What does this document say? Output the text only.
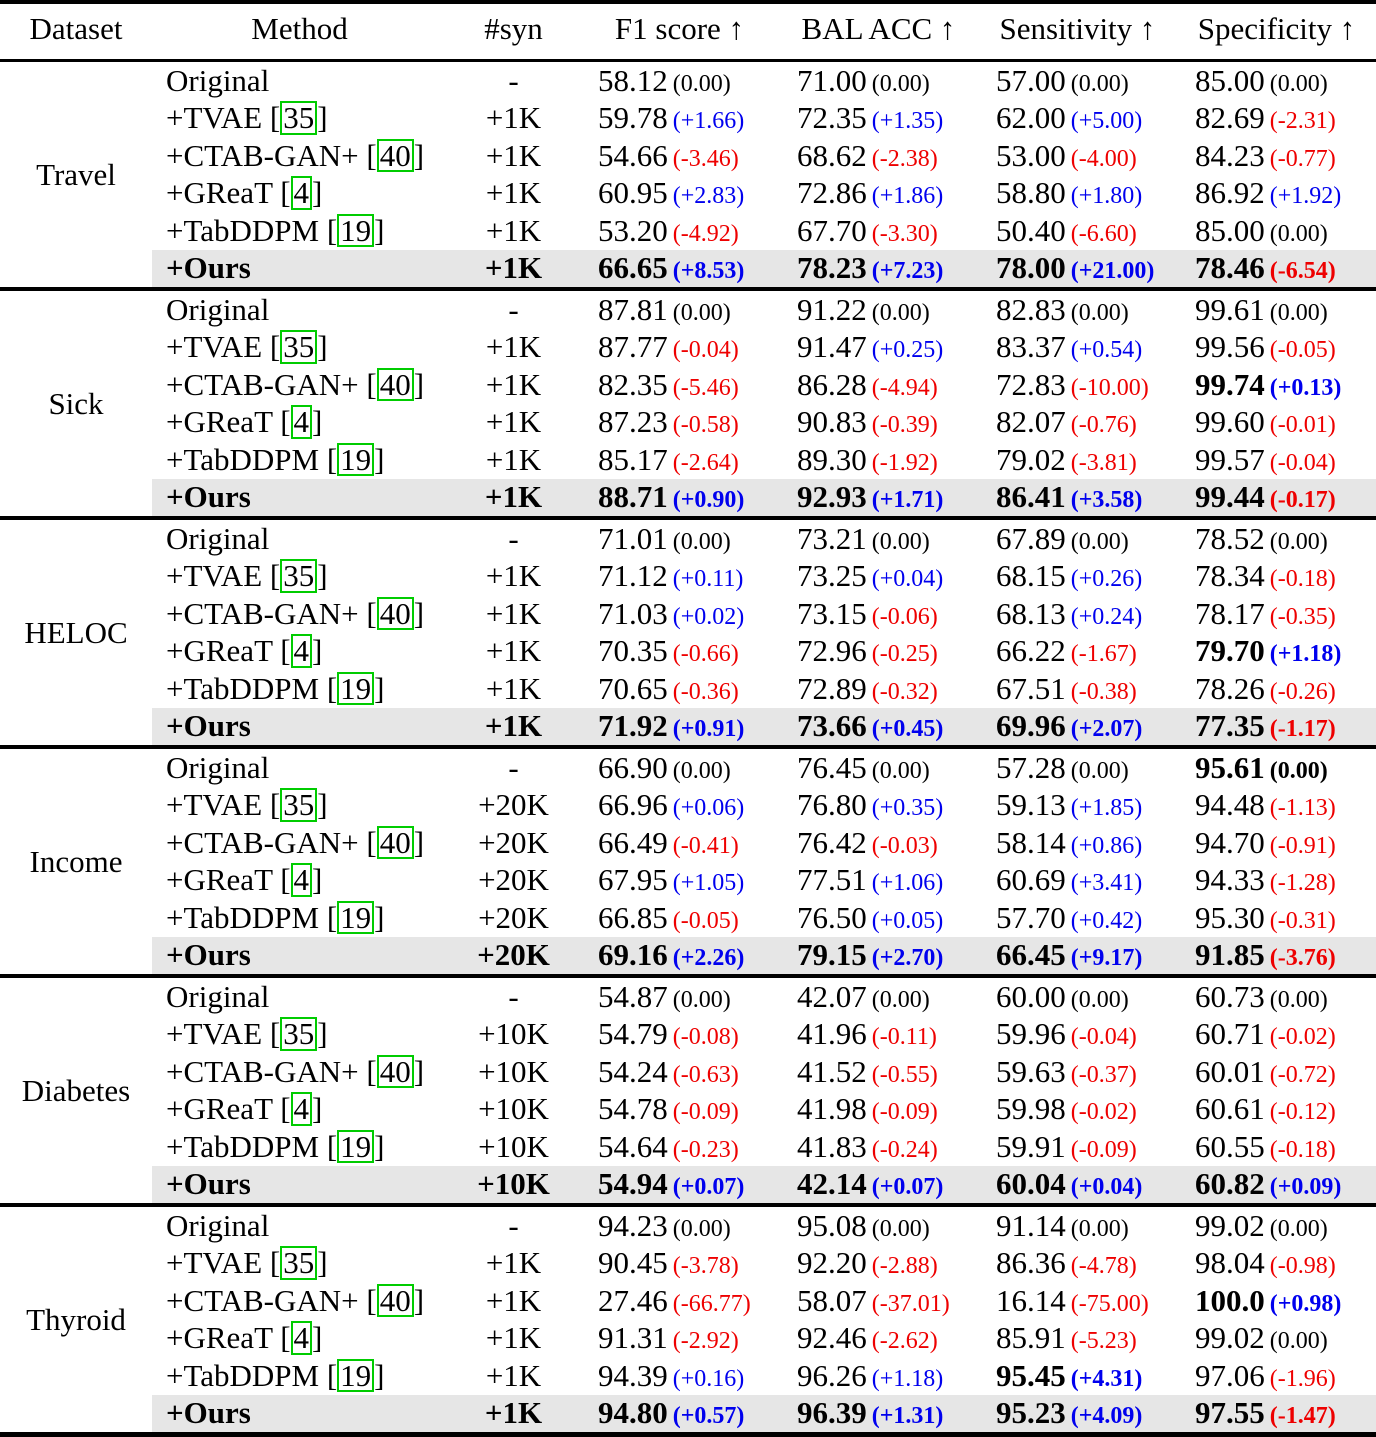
Dataset	Method	#syn	F1 score ↑	BAL ACC ↑	Sensitivity ↑	Specificity ↑

Travel	Original	-	58.12 (0.00)	71.00 (0.00)	57.00 (0.00)	85.00 (0.00)
	+TVAE [35]	+1K	59.78 (+1.66)	72.35 (+1.35)	62.00 (+5.00)	82.69 (-2.31)
	+CTAB-GAN+ [40]	+1K	54.66 (-3.46)	68.62 (-2.38)	53.00 (-4.00)	84.23 (-0.77)
	+GReaT [4]	+1K	60.95 (+2.83)	72.86 (+1.86)	58.80 (+1.80)	86.92 (+1.92)
	+TabDDPM [19]	+1K	53.20 (-4.92)	67.70 (-3.30)	50.40 (-6.60)	85.00 (0.00)
	+Ours	+1K	66.65 (+8.53)	78.23 (+7.23)	78.00 (+21.00)	78.46 (-6.54)

Sick	Original	-	87.81 (0.00)	91.22 (0.00)	82.83 (0.00)	99.61 (0.00)
	+TVAE [35]	+1K	87.77 (-0.04)	91.47 (+0.25)	83.37 (+0.54)	99.56 (-0.05)
	+CTAB-GAN+ [40]	+1K	82.35 (-5.46)	86.28 (-4.94)	72.83 (-10.00)	99.74 (+0.13)
	+GReaT [4]	+1K	87.23 (-0.58)	90.83 (-0.39)	82.07 (-0.76)	99.60 (-0.01)
	+TabDDPM [19]	+1K	85.17 (-2.64)	89.30 (-1.92)	79.02 (-3.81)	99.57 (-0.04)
	+Ours	+1K	88.71 (+0.90)	92.93 (+1.71)	86.41 (+3.58)	99.44 (-0.17)

HELOC	Original	-	71.01 (0.00)	73.21 (0.00)	67.89 (0.00)	78.52 (0.00)
	+TVAE [35]	+1K	71.12 (+0.11)	73.25 (+0.04)	68.15 (+0.26)	78.34 (-0.18)
	+CTAB-GAN+ [40]	+1K	71.03 (+0.02)	73.15 (-0.06)	68.13 (+0.24)	78.17 (-0.35)
	+GReaT [4]	+1K	70.35 (-0.66)	72.96 (-0.25)	66.22 (-1.67)	79.70 (+1.18)
	+TabDDPM [19]	+1K	70.65 (-0.36)	72.89 (-0.32)	67.51 (-0.38)	78.26 (-0.26)
	+Ours	+1K	71.92 (+0.91)	73.66 (+0.45)	69.96 (+2.07)	77.35 (-1.17)

Income	Original	-	66.90 (0.00)	76.45 (0.00)	57.28 (0.00)	95.61 (0.00)
	+TVAE [35]	+20K	66.96 (+0.06)	76.80 (+0.35)	59.13 (+1.85)	94.48 (-1.13)
	+CTAB-GAN+ [40]	+20K	66.49 (-0.41)	76.42 (-0.03)	58.14 (+0.86)	94.70 (-0.91)
	+GReaT [4]	+20K	67.95 (+1.05)	77.51 (+1.06)	60.69 (+3.41)	94.33 (-1.28)
	+TabDDPM [19]	+20K	66.85 (-0.05)	76.50 (+0.05)	57.70 (+0.42)	95.30 (-0.31)
	+Ours	+20K	69.16 (+2.26)	79.15 (+2.70)	66.45 (+9.17)	91.85 (-3.76)

Diabetes	Original	-	54.87 (0.00)	42.07 (0.00)	60.00 (0.00)	60.73 (0.00)
	+TVAE [35]	+10K	54.79 (-0.08)	41.96 (-0.11)	59.96 (-0.04)	60.71 (-0.02)
	+CTAB-GAN+ [40]	+10K	54.24 (-0.63)	41.52 (-0.55)	59.63 (-0.37)	60.01 (-0.72)
	+GReaT [4]	+10K	54.78 (-0.09)	41.98 (-0.09)	59.98 (-0.02)	60.61 (-0.12)
	+TabDDPM [19]	+10K	54.64 (-0.23)	41.83 (-0.24)	59.91 (-0.09)	60.55 (-0.18)
	+Ours	+10K	54.94 (+0.07)	42.14 (+0.07)	60.04 (+0.04)	60.82 (+0.09)

Thyroid	Original	-	94.23 (0.00)	95.08 (0.00)	91.14 (0.00)	99.02 (0.00)
	+TVAE [35]	+1K	90.45 (-3.78)	92.20 (-2.88)	86.36 (-4.78)	98.04 (-0.98)
	+CTAB-GAN+ [40]	+1K	27.46 (-66.77)	58.07 (-37.01)	16.14 (-75.00)	100.0 (+0.98)
	+GReaT [4]	+1K	91.31 (-2.92)	92.46 (-2.62)	85.91 (-5.23)	99.02 (0.00)
	+TabDDPM [19]	+1K	94.39 (+0.16)	96.26 (+1.18)	95.45 (+4.31)	97.06 (-1.96)
	+Ours	+1K	94.80 (+0.57)	96.39 (+1.31)	95.23 (+4.09)	97.55 (-1.47)
